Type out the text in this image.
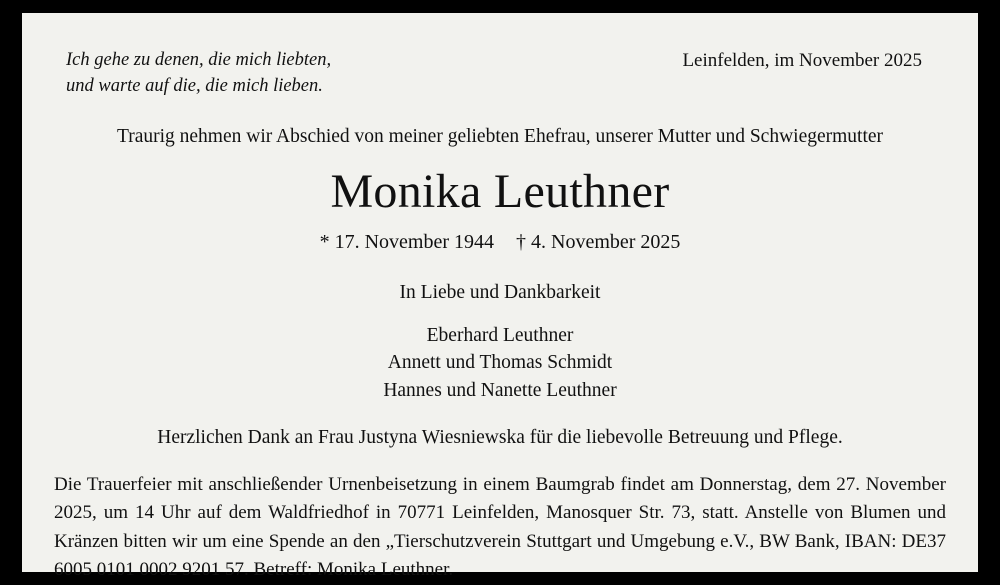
Ich gehe zu denen, die mich liebten,
und warte auf die, die mich lieben.
Leinfelden, im November 2025
Traurig nehmen wir Abschied von meiner geliebten Ehefrau, unserer Mutter und Schwiegermutter
Monika Leuthner
* 17. November 1944 † 4. November 2025
In Liebe und Dankbarkeit
Eberhard Leuthner
Annett und Thomas Schmidt
Hannes und Nanette Leuthner
Herzlichen Dank an Frau Justyna Wiesniewska für die liebevolle Betreuung und Pflege.

Die Trauerfeier mit anschließender Urnenbeisetzung in einem Baumgrab findet am Donnerstag, dem 27. November 2025, um 14 Uhr auf dem Waldfriedhof in 70771 Leinfelden, Manosquer Str. 73, statt. Anstelle von Blumen und Kränzen bitten wir um eine Spende an den „Tierschutzverein Stuttgart und Umgebung e.V., BW Bank, IBAN: DE37 6005 0101 0002 9201 57. Betreff: Monika Leuthner.
